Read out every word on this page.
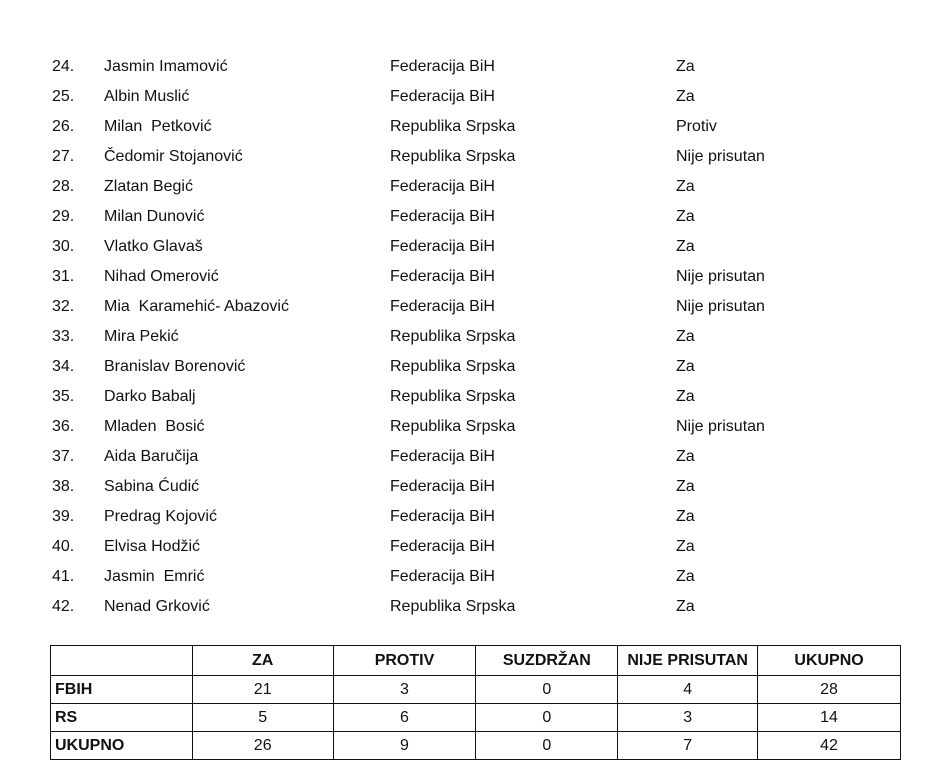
24. Jasmin Imamović	Federacija BiH	Za
25. Albin Muslić	Federacija BiH	Za
26. Milan  Petković	Republika Srpska	Protiv
27. Čedomir Stojanović	Republika Srpska	Nije prisutan
28. Zlatan Begić	Federacija BiH	Za
29. Milan Dunović	Federacija BiH	Za
30. Vlatko Glavaš	Federacija BiH	Za
31. Nihad Omerović	Federacija BiH	Nije prisutan
32. Mia  Karamehić- Abazović	Federacija BiH	Nije prisutan
33. Mira Pekić	Republika Srpska	Za
34. Branislav Borenović	Republika Srpska	Za
35. Darko Babalj	Republika Srpska	Za
36. Mladen  Bosić	Republika Srpska	Nije prisutan
37. Aida Baručija	Federacija BiH	Za
38. Sabina Ćudić	Federacija BiH	Za
39. Predrag Kojović	Federacija BiH	Za
40. Elvisa Hodžić	Federacija BiH	Za
41. Jasmin  Emrić	Federacija BiH	Za
42. Nenad Grković	Republika Srpska	Za
	ZA	PROTIV	SUZDRŽAN	NIJE PRISUTAN	UKUPNO
FBIH	21	3	0	4	28
RS	5	6	0	3	14
UKUPNO	26	9	0	7	42
